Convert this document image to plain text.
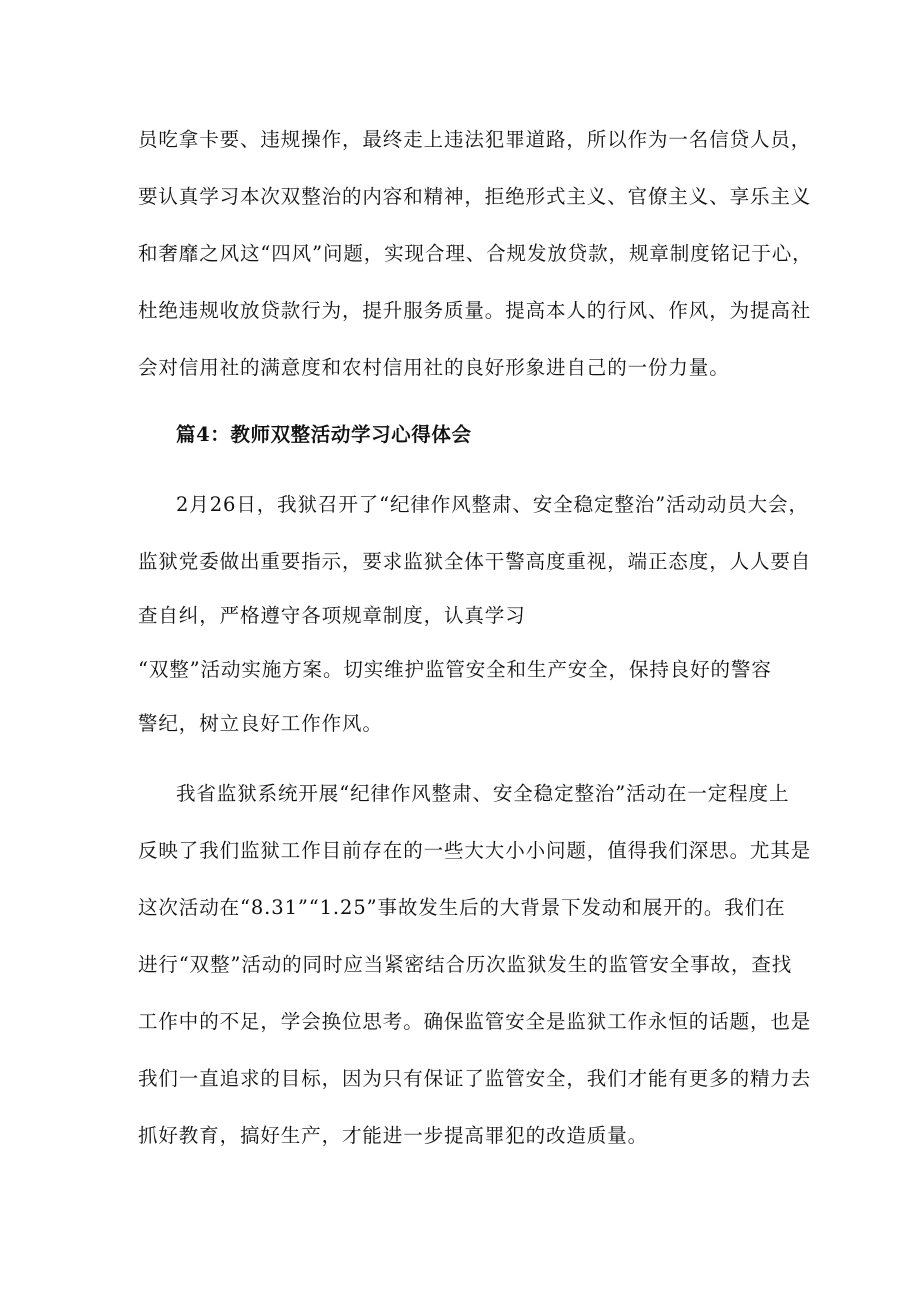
员吃拿卡要、违规操作，最终走上违法犯罪道路，所以作为一名信贷人员，
要认真学习本次双整治的内容和精神，拒绝形式主义、官僚主义、享乐主义
和奢靡之风这“四风”问题，实现合理、合规发放贷款，规章制度铭记于心，
杜绝违规收放贷款行为，提升服务质量。提高本人的行风、作风，为提高社
会对信用社的满意度和农村信用社的良好形象进自己的一份力量。
篇4：教师双整活动学习心得体会
2月26日，我狱召开了“纪律作风整肃、安全稳定整治”活动动员大会，
监狱党委做出重要指示，要求监狱全体干警高度重视，端正态度，人人要自
查自纠，严格遵守各项规章制度，认真学习
“双整”活动实施方案。切实维护监管安全和生产安全，保持良好的警容
警纪，树立良好工作作风。
我省监狱系统开展“纪律作风整肃、安全稳定整治”活动在一定程度上
反映了我们监狱工作目前存在的一些大大小小问题，值得我们深思。尤其是
这次活动在“8.31”“1.25”事故发生后的大背景下发动和展开的。我们在
进行“双整”活动的同时应当紧密结合历次监狱发生的监管安全事故，查找
工作中的不足，学会换位思考。确保监管安全是监狱工作永恒的话题，也是
我们一直追求的目标，因为只有保证了监管安全，我们才能有更多的精力去
抓好教育，搞好生产，才能进一步提高罪犯的改造质量。
